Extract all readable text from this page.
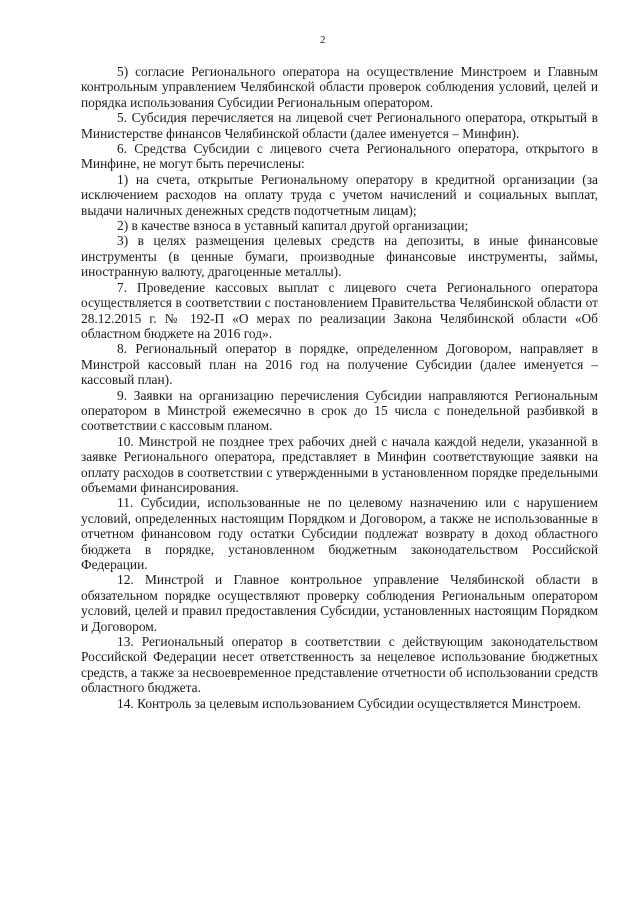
2

5) согласие Регионального оператора на осуществление Минстроем и Главным контрольным управлением Челябинской области проверок соблюдения условий, целей и порядка использования Субсидии Региональным оператором.

5. Субсидия перечисляется на лицевой счет Регионального оператора, открытый в Министерстве финансов Челябинской области (далее именуется – Минфин).

6. Средства Субсидии с лицевого счета Регионального оператора, открытого в Минфине, не могут быть перечислены:

1) на счета, открытые Региональному оператору в кредитной организации (за исключением расходов на оплату труда с учетом начислений и социальных выплат, выдачи наличных денежных средств подотчетным лицам);

2) в качестве взноса в уставный капитал другой организации;

3) в целях размещения целевых средств на депозиты, в иные финансовые инструменты (в ценные бумаги, производные финансовые инструменты, займы, иностранную валюту, драгоценные металлы).

7. Проведение кассовых выплат с лицевого счета Регионального оператора осуществляется в соответствии с постановлением Правительства Челябинской области от 28.12.2015 г. № 192-П «О мерах по реализации Закона Челябинской области «Об областном бюджете на 2016 год».

8. Региональный оператор в порядке, определенном Договором, направляет в Минстрой кассовый план на 2016 год на получение Субсидии (далее именуется – кассовый план).

9. Заявки на организацию перечисления Субсидии направляются Региональным оператором в Минстрой ежемесячно в срок до 15 числа с понедельной разбивкой в соответствии с кассовым планом.

10. Минстрой не позднее трех рабочих дней с начала каждой недели, указанной в заявке Регионального оператора, представляет в Минфин соответствующие заявки на оплату расходов в соответствии с утвержденными в установленном порядке предельными объемами финансирования.

11. Субсидии, использованные не по целевому назначению или с нарушением условий, определенных настоящим Порядком и Договором, а также не использованные в отчетном финансовом году остатки Субсидии подлежат возврату в доход областного бюджета в порядке, установленном бюджетным законодательством Российской Федерации.

12. Минстрой и Главное контрольное управление Челябинской области в обязательном порядке осуществляют проверку соблюдения Региональным оператором условий, целей и правил предоставления Субсидии, установленных настоящим Порядком и Договором.

13. Региональный оператор в соответствии с действующим законодательством Российской Федерации несет ответственность за нецелевое использование бюджетных средств, а также за несвоевременное представление отчетности об использовании средств областного бюджета.

14. Контроль за целевым использованием Субсидии осуществляется Минстроем.
